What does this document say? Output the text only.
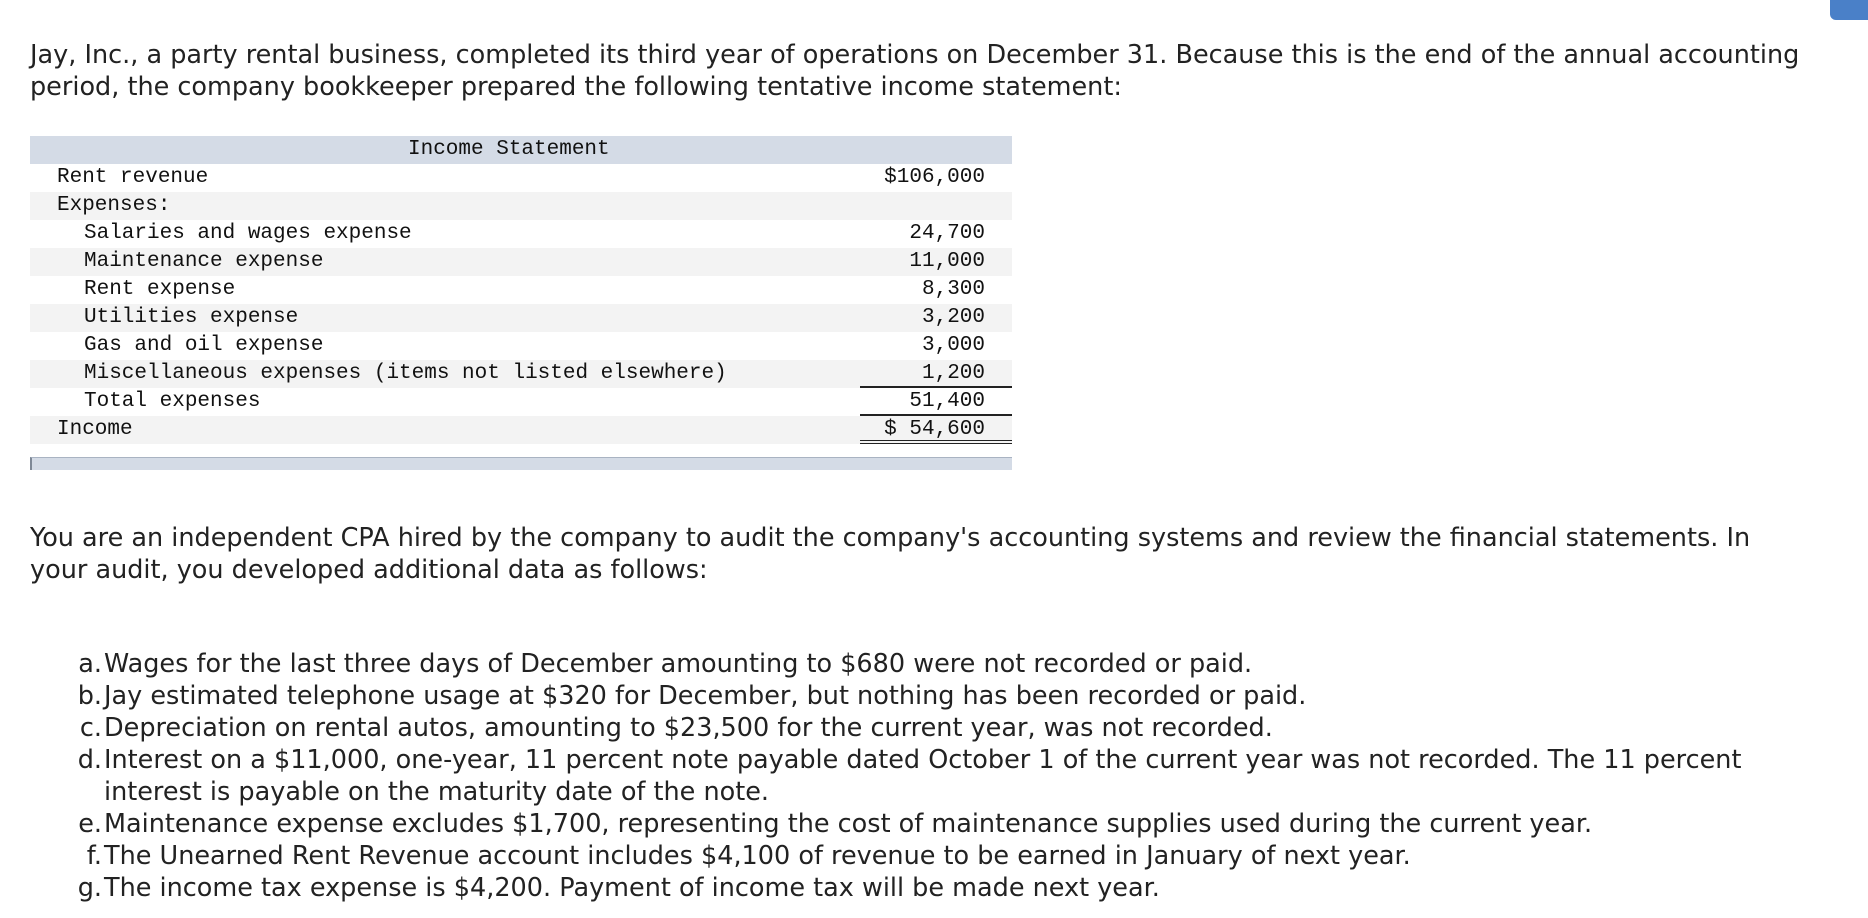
Jay, Inc., a party rental business, completed its third year of operations on December 31. Because this is the end of the annual accounting period, the company bookkeeper prepared the following tentative income statement:

Income Statement
Rent revenue	$106,000
Expenses:
Salaries and wages expense	24,700
Maintenance expense	11,000
Rent expense	8,300
Utilities expense	3,200
Gas and oil expense	3,000
Miscellaneous expenses (items not listed elsewhere)	1,200
Total expenses	51,400
Income	$ 54,600

You are an independent CPA hired by the company to audit the company's accounting systems and review the financial statements. In your audit, you developed additional data as follows:

a. Wages for the last three days of December amounting to $680 were not recorded or paid.
b. Jay estimated telephone usage at $320 for December, but nothing has been recorded or paid.
c. Depreciation on rental autos, amounting to $23,500 for the current year, was not recorded.
d. Interest on a $11,000, one-year, 11 percent note payable dated October 1 of the current year was not recorded. The 11 percent interest is payable on the maturity date of the note.
e. Maintenance expense excludes $1,700, representing the cost of maintenance supplies used during the current year.
f. The Unearned Rent Revenue account includes $4,100 of revenue to be earned in January of next year.
g. The income tax expense is $4,200. Payment of income tax will be made next year.
